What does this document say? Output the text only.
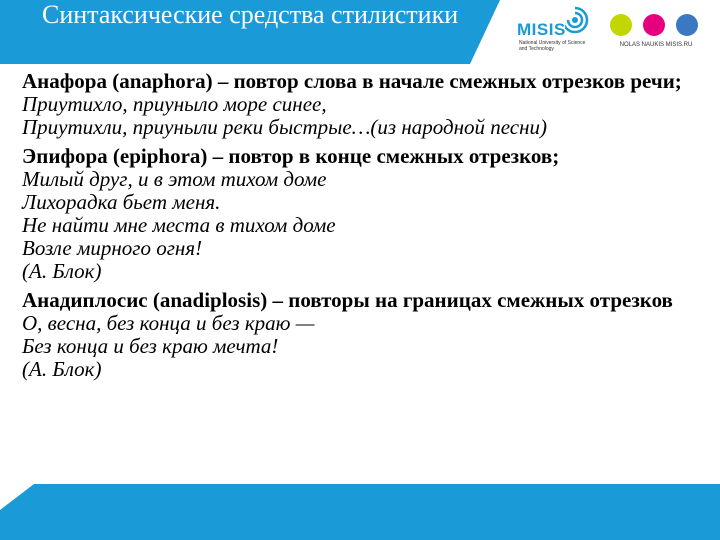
Синтаксические средства стилистики
MISIS
National University of Science and Technology
NOLAS NAUKIS MISIS.RU
Анафора (anaphora) – повтор слова в начале смежных отрезков речи;
Приутихло, приуныло море синее,
Приутихли, приуныли реки быстрые…(из народной песни)
Эпифора (epiphora) – повтор в конце смежных отрезков;
Милый друг, и в этом тихом доме
Лихорадка бьет меня.
Не найти мне места в тихом доме
Возле мирного огня!
(А. Блок)
Анадиплосис (anadiplosis) – повторы на границах смежных отрезков
О, весна, без конца и без краю —
Без конца и без краю мечта!
(А. Блок)
